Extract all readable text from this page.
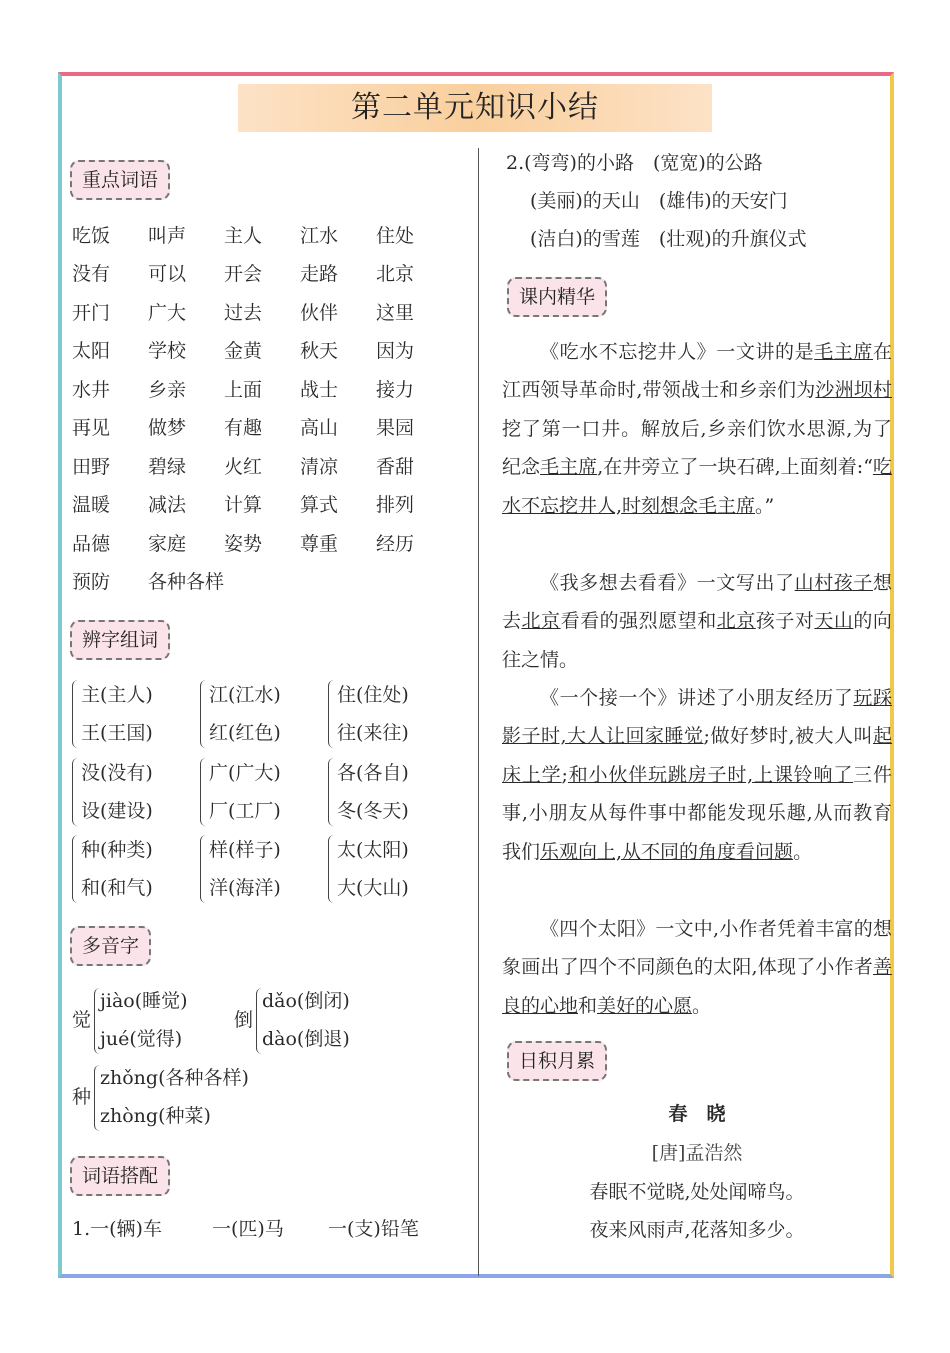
第二单元知识小结
重点词语
吃饭 叫声 主人 江水 住处
没有 可以 开会 走路 北京
开门 广大 过去 伙伴 这里
太阳 学校 金黄 秋天 因为
水井 乡亲 上面 战士 接力
再见 做梦 有趣 高山 果园
田野 碧绿 火红 清凉 香甜
温暖 减法 计算 算式 排列
品德 家庭 姿势 尊重 经历
预防 各种各样
辨字组词
主(主人)
王(王国)
江(江水)
红(红色)
住(住处)
往(来往)
没(没有)
设(建设)
广(广大)
厂(工厂)
各(各自)
冬(冬天)
种(种类)
和(和气)
样(样子)
洋(海洋)
太(太阳)
大(大山)
多音字
觉
jiào(睡觉)
jué(觉得)
倒
dǎo(倒闭)
dào(倒退)
种
zhǒng(各种各样)
zhòng(种菜)
词语搭配
1.一(辆)车	一(匹)马 一(支)铅笔
2.(弯弯)的小路　(宽宽)的公路
(美丽)的天山　(雄伟)的天安门
(洁白)的雪莲　(壮观)的升旗仪式
课内精华
《吃水不忘挖井人》一文讲的是毛主席在江西领导革命时,带领战士和乡亲们为沙洲坝村挖了第一口井。解放后,乡亲们饮水思源,为了纪念毛主席,在井旁立了一块石碑,上面刻着:“吃水不忘挖井人,时刻想念毛主席。”
《我多想去看看》一文写出了山村孩子想去北京看看的强烈愿望和北京孩子对天山的向往之情。
《一个接一个》讲述了小朋友经历了玩踩影子时,大人让回家睡觉;做好梦时,被大人叫起床上学;和小伙伴玩跳房子时,上课铃响了三件事,小朋友从每件事中都能发现乐趣,从而教育我们乐观向上,从不同的角度看问题。
《四个太阳》一文中,小作者凭着丰富的想象画出了四个不同颜色的太阳,体现了小作者善良的心地和美好的心愿。
日积月累
春　晓
[唐]孟浩然
春眠不觉晓,处处闻啼鸟。
夜来风雨声,花落知多少。
